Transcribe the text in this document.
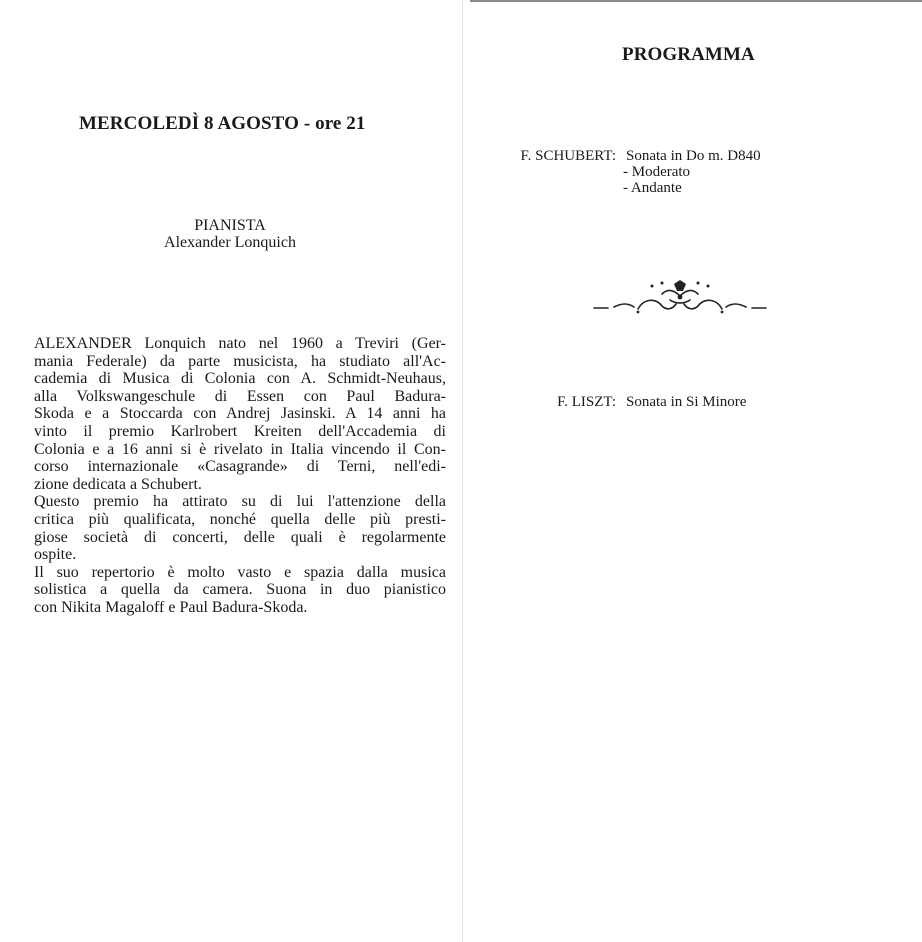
MERCOLEDÌ 8 AGOSTO - ore 21
PIANISTA
Alexander Lonquich
ALEXANDER Lonquich nato nel 1960 a Treviri (Ger-
mania Federale) da parte musicista, ha studiato all'Ac-
cademia di Musica di Colonia con A. Schmidt-Neuhaus,
alla Volkswangeschule di Essen con Paul Badura-
Skoda e a Stoccarda con Andrej Jasinski. A 14 anni ha
vinto il premio Karlrobert Kreiten dell'Accademia di
Colonia e a 16 anni si è rivelato in Italia vincendo il Con-
corso internazionale «Casagrande» di Terni, nell'edi-
zione dedicata a Schubert.
Questo premio ha attirato su di lui l'attenzione della
critica più qualificata, nonché quella delle più presti-
giose società di concerti, delle quali è regolarmente
ospite.
Il suo repertorio è molto vasto e spazia dalla musica
solistica a quella da camera. Suona in duo pianistico
con Nikita Magaloff e Paul Badura-Skoda.
PROGRAMMA
F. SCHUBERT: Sonata in Do m. D840
- Moderato
- Andante
F. LISZT: Sonata in Si Minore
